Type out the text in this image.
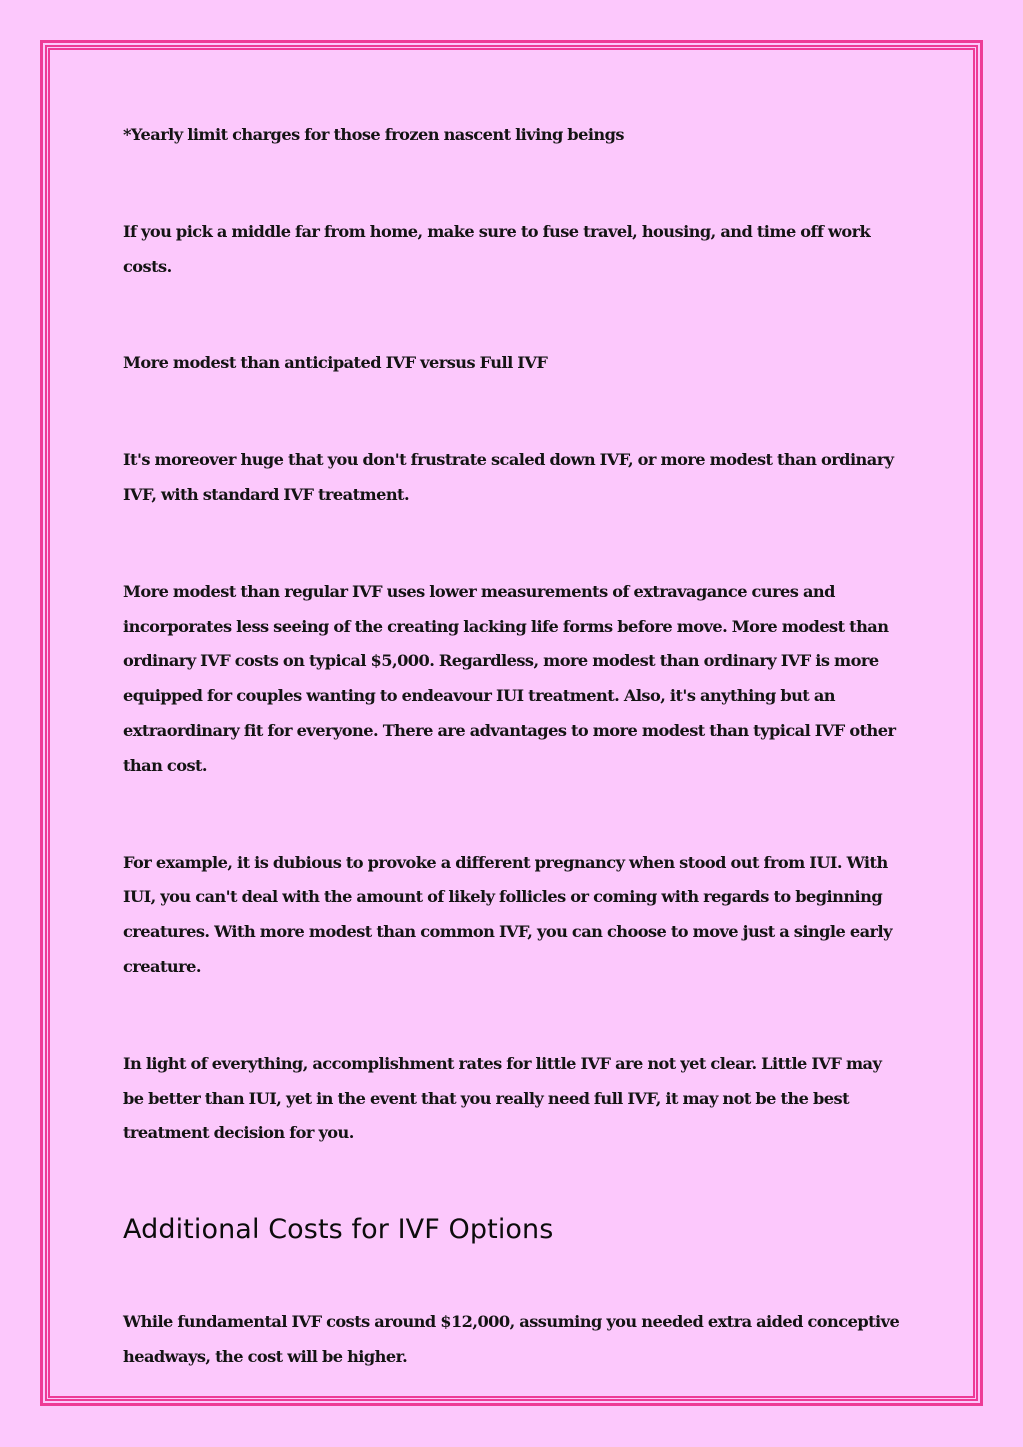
*Yearly limit charges for those frozen nascent living beings

If you pick a middle far from home, make sure to fuse travel, housing, and time off work costs.

More modest than anticipated IVF versus Full IVF

It's moreover huge that you don't frustrate scaled down IVF, or more modest than ordinary IVF, with standard IVF treatment.

More modest than regular IVF uses lower measurements of extravagance cures and incorporates less seeing of the creating lacking life forms before move. More modest than ordinary IVF costs on typical $5,000. Regardless, more modest than ordinary IVF is more equipped for couples wanting to endeavour IUI treatment. Also, it's anything but an extraordinary fit for everyone. There are advantages to more modest than typical IVF other than cost.

For example, it is dubious to provoke a different pregnancy when stood out from IUI. With IUI, you can't deal with the amount of likely follicles or coming with regards to beginning creatures. With more modest than common IVF, you can choose to move just a single early creature.

In light of everything, accomplishment rates for little IVF are not yet clear. Little IVF may be better than IUI, yet in the event that you really need full IVF, it may not be the best treatment decision for you.

Additional Costs for IVF Options

While fundamental IVF costs around $12,000, assuming you needed extra aided conceptive headways, the cost will be higher.
